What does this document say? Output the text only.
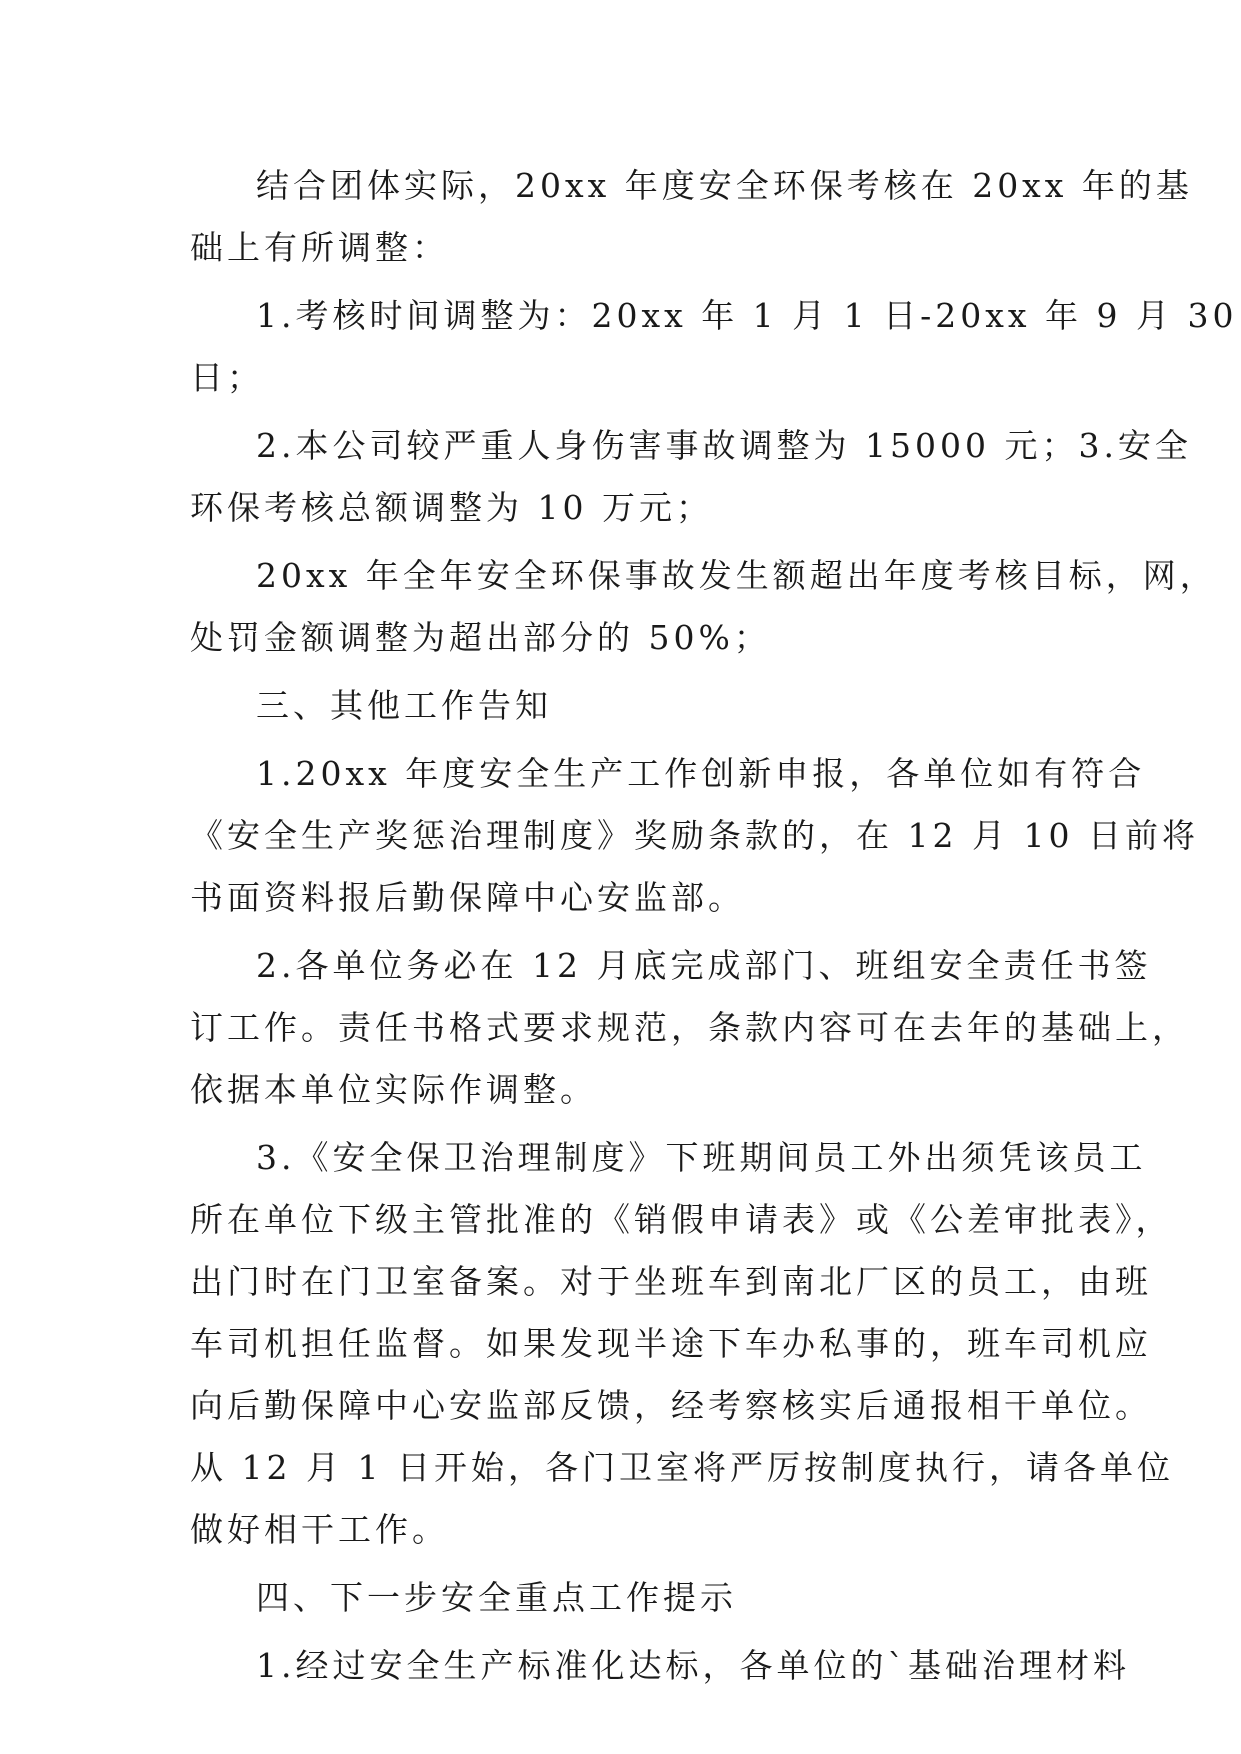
结合团体实际，20xx 年度安全环保考核在 20xx 年的基
础上有所调整：
1.考核时间调整为：20xx 年 1 月 1 日-20xx 年 9 月 30
日；
2.本公司较严重人身伤害事故调整为 15000 元；3.安全
环保考核总额调整为 10 万元；
20xx 年全年安全环保事故发生额超出年度考核目标，网，
处罚金额调整为超出部分的 50%；
三、其他工作告知
1.20xx 年度安全生产工作创新申报，各单位如有符合
《安全生产奖惩治理制度》奖励条款的，在 12 月 10 日前将
书面资料报后勤保障中心安监部。
2.各单位务必在 12 月底完成部门、班组安全责任书签
订工作。责任书格式要求规范，条款内容可在去年的基础上，
依据本单位实际作调整。
3.《安全保卫治理制度》下班期间员工外出须凭该员工
所在单位下级主管批准的《销假申请表》或《公差审批表》，
出门时在门卫室备案。对于坐班车到南北厂区的员工，由班
车司机担任监督。如果发现半途下车办私事的，班车司机应
向后勤保障中心安监部反馈，经考察核实后通报相干单位。
从 12 月 1 日开始，各门卫室将严厉按制度执行，请各单位
做好相干工作。
四、下一步安全重点工作提示
1.经过安全生产标准化达标，各单位的`基础治理材料
